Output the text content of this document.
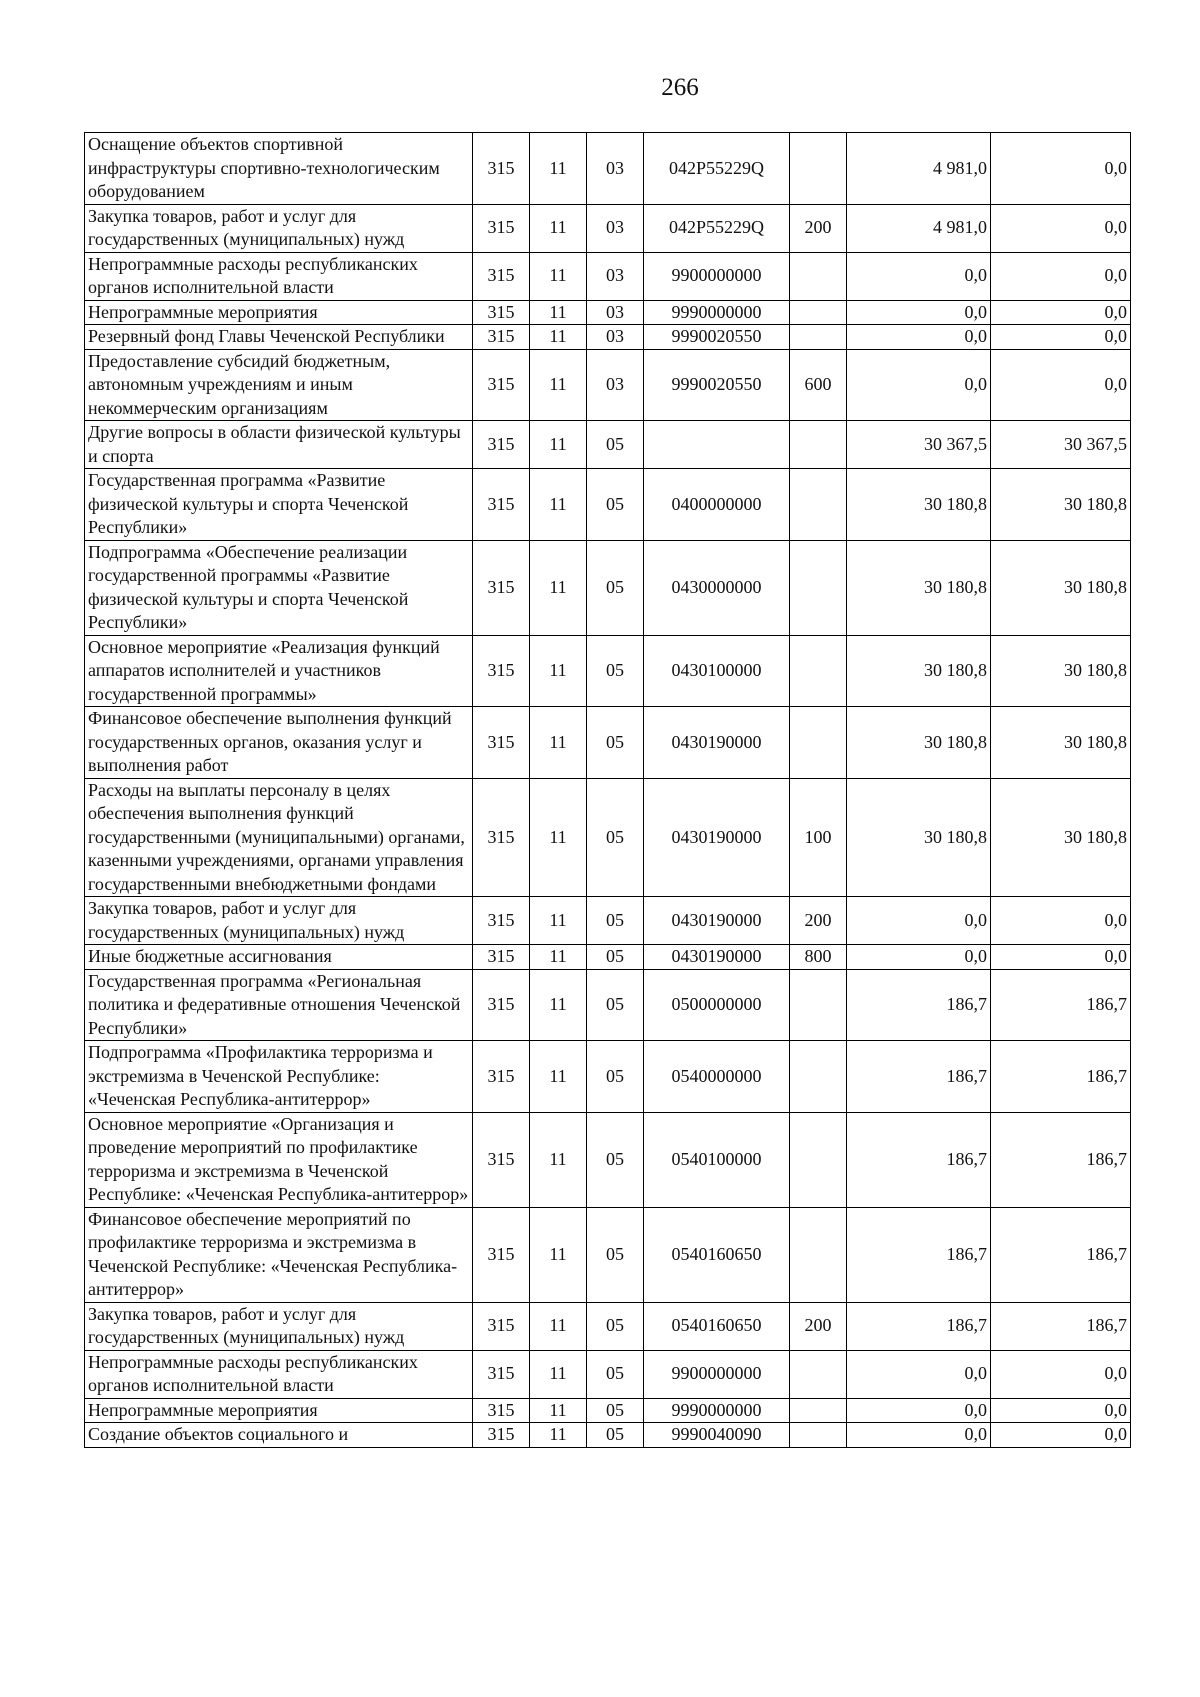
266
Оснащение объектов спортивной инфраструктуры спортивно-технологическим оборудованием	315	11	03	042P55229Q		4 981,0	0,0
Закупка товаров, работ и услуг для государственных (муниципальных) нужд	315	11	03	042P55229Q	200	4 981,0	0,0
Непрограммные расходы республиканских органов исполнительной власти	315	11	03	9900000000		0,0	0,0
Непрограммные мероприятия	315	11	03	9990000000		0,0	0,0
Резервный фонд Главы Чеченской Республики	315	11	03	9990020550		0,0	0,0
Предоставление субсидий бюджетным, автономным учреждениям и иным некоммерческим организациям	315	11	03	9990020550	600	0,0	0,0
Другие вопросы в области физической культуры и спорта	315	11	05			30 367,5	30 367,5
Государственная программа «Развитие физической культуры и спорта Чеченской Республики»	315	11	05	0400000000		30 180,8	30 180,8
Подпрограмма «Обеспечение реализации государственной программы «Развитие физической культуры и спорта Чеченской Республики»	315	11	05	0430000000		30 180,8	30 180,8
Основное мероприятие «Реализация функций аппаратов исполнителей и участников государственной программы»	315	11	05	0430100000		30 180,8	30 180,8
Финансовое обеспечение выполнения функций государственных органов, оказания услуг и выполнения работ	315	11	05	0430190000		30 180,8	30 180,8
Расходы на выплаты персоналу в целях обеспечения выполнения функций государственными (муниципальными) органами, казенными учреждениями, органами управления государственными внебюджетными фондами	315	11	05	0430190000	100	30 180,8	30 180,8
Закупка товаров, работ и услуг для государственных (муниципальных) нужд	315	11	05	0430190000	200	0,0	0,0
Иные бюджетные ассигнования	315	11	05	0430190000	800	0,0	0,0
Государственная программа «Региональная политика и федеративные отношения Чеченской Республики»	315	11	05	0500000000		186,7	186,7
Подпрограмма «Профилактика терроризма и экстремизма в Чеченской Республике: «Чеченская Республика-антитеррор»	315	11	05	0540000000		186,7	186,7
Основное мероприятие «Организация и проведение мероприятий по профилактике терроризма и экстремизма в Чеченской Республике: «Чеченская Республика-антитеррор»	315	11	05	0540100000		186,7	186,7
Финансовое обеспечение мероприятий по профилактике терроризма и экстремизма в Чеченской Республике: «Чеченская Республика-антитеррор»	315	11	05	0540160650		186,7	186,7
Закупка товаров, работ и услуг для государственных (муниципальных) нужд	315	11	05	0540160650	200	186,7	186,7
Непрограммные расходы республиканских органов исполнительной власти	315	11	05	9900000000		0,0	0,0
Непрограммные мероприятия	315	11	05	9990000000		0,0	0,0
Создание объектов социального и	315	11	05	9990040090		0,0	0,0
